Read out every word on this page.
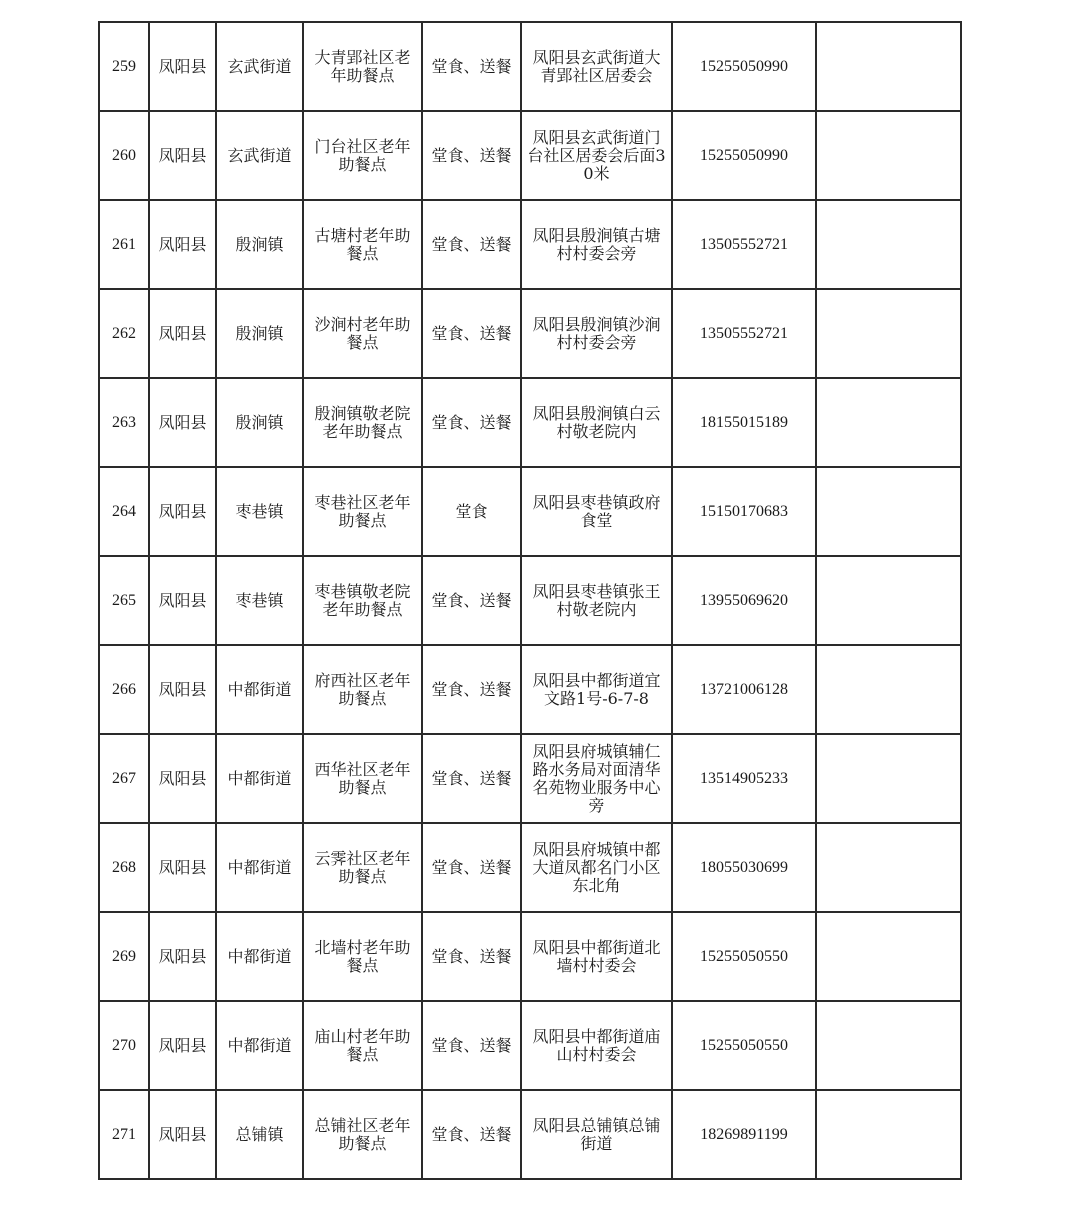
259	凤阳县	玄武街道	大青郢社区老年助餐点	堂食、送餐	凤阳县玄武街道大青郢社区居委会	15255050990	
260	凤阳县	玄武街道	门台社区老年助餐点	堂食、送餐	凤阳县玄武街道门台社区居委会后面30米	15255050990	
261	凤阳县	殷涧镇	古塘村老年助餐点	堂食、送餐	凤阳县殷涧镇古塘村村委会旁	13505552721	
262	凤阳县	殷涧镇	沙涧村老年助餐点	堂食、送餐	凤阳县殷涧镇沙涧村村委会旁	13505552721	
263	凤阳县	殷涧镇	殷涧镇敬老院老年助餐点	堂食、送餐	凤阳县殷涧镇白云村敬老院内	18155015189	
264	凤阳县	枣巷镇	枣巷社区老年助餐点	堂食	凤阳县枣巷镇政府食堂	15150170683	
265	凤阳县	枣巷镇	枣巷镇敬老院老年助餐点	堂食、送餐	凤阳县枣巷镇张王村敬老院内	13955069620	
266	凤阳县	中都街道	府西社区老年助餐点	堂食、送餐	凤阳县中都街道宜文路1号-6-7-8	13721006128	
267	凤阳县	中都街道	西华社区老年助餐点	堂食、送餐	凤阳县府城镇辅仁路水务局对面清华名苑物业服务中心旁	13514905233	
268	凤阳县	中都街道	云霁社区老年助餐点	堂食、送餐	凤阳县府城镇中都大道凤都名门小区东北角	18055030699	
269	凤阳县	中都街道	北墙村老年助餐点	堂食、送餐	凤阳县中都街道北墙村村委会	15255050550	
270	凤阳县	中都街道	庙山村老年助餐点	堂食、送餐	凤阳县中都街道庙山村村委会	15255050550	
271	凤阳县	总铺镇	总铺社区老年助餐点	堂食、送餐	凤阳县总铺镇总铺街道	18269891199	
